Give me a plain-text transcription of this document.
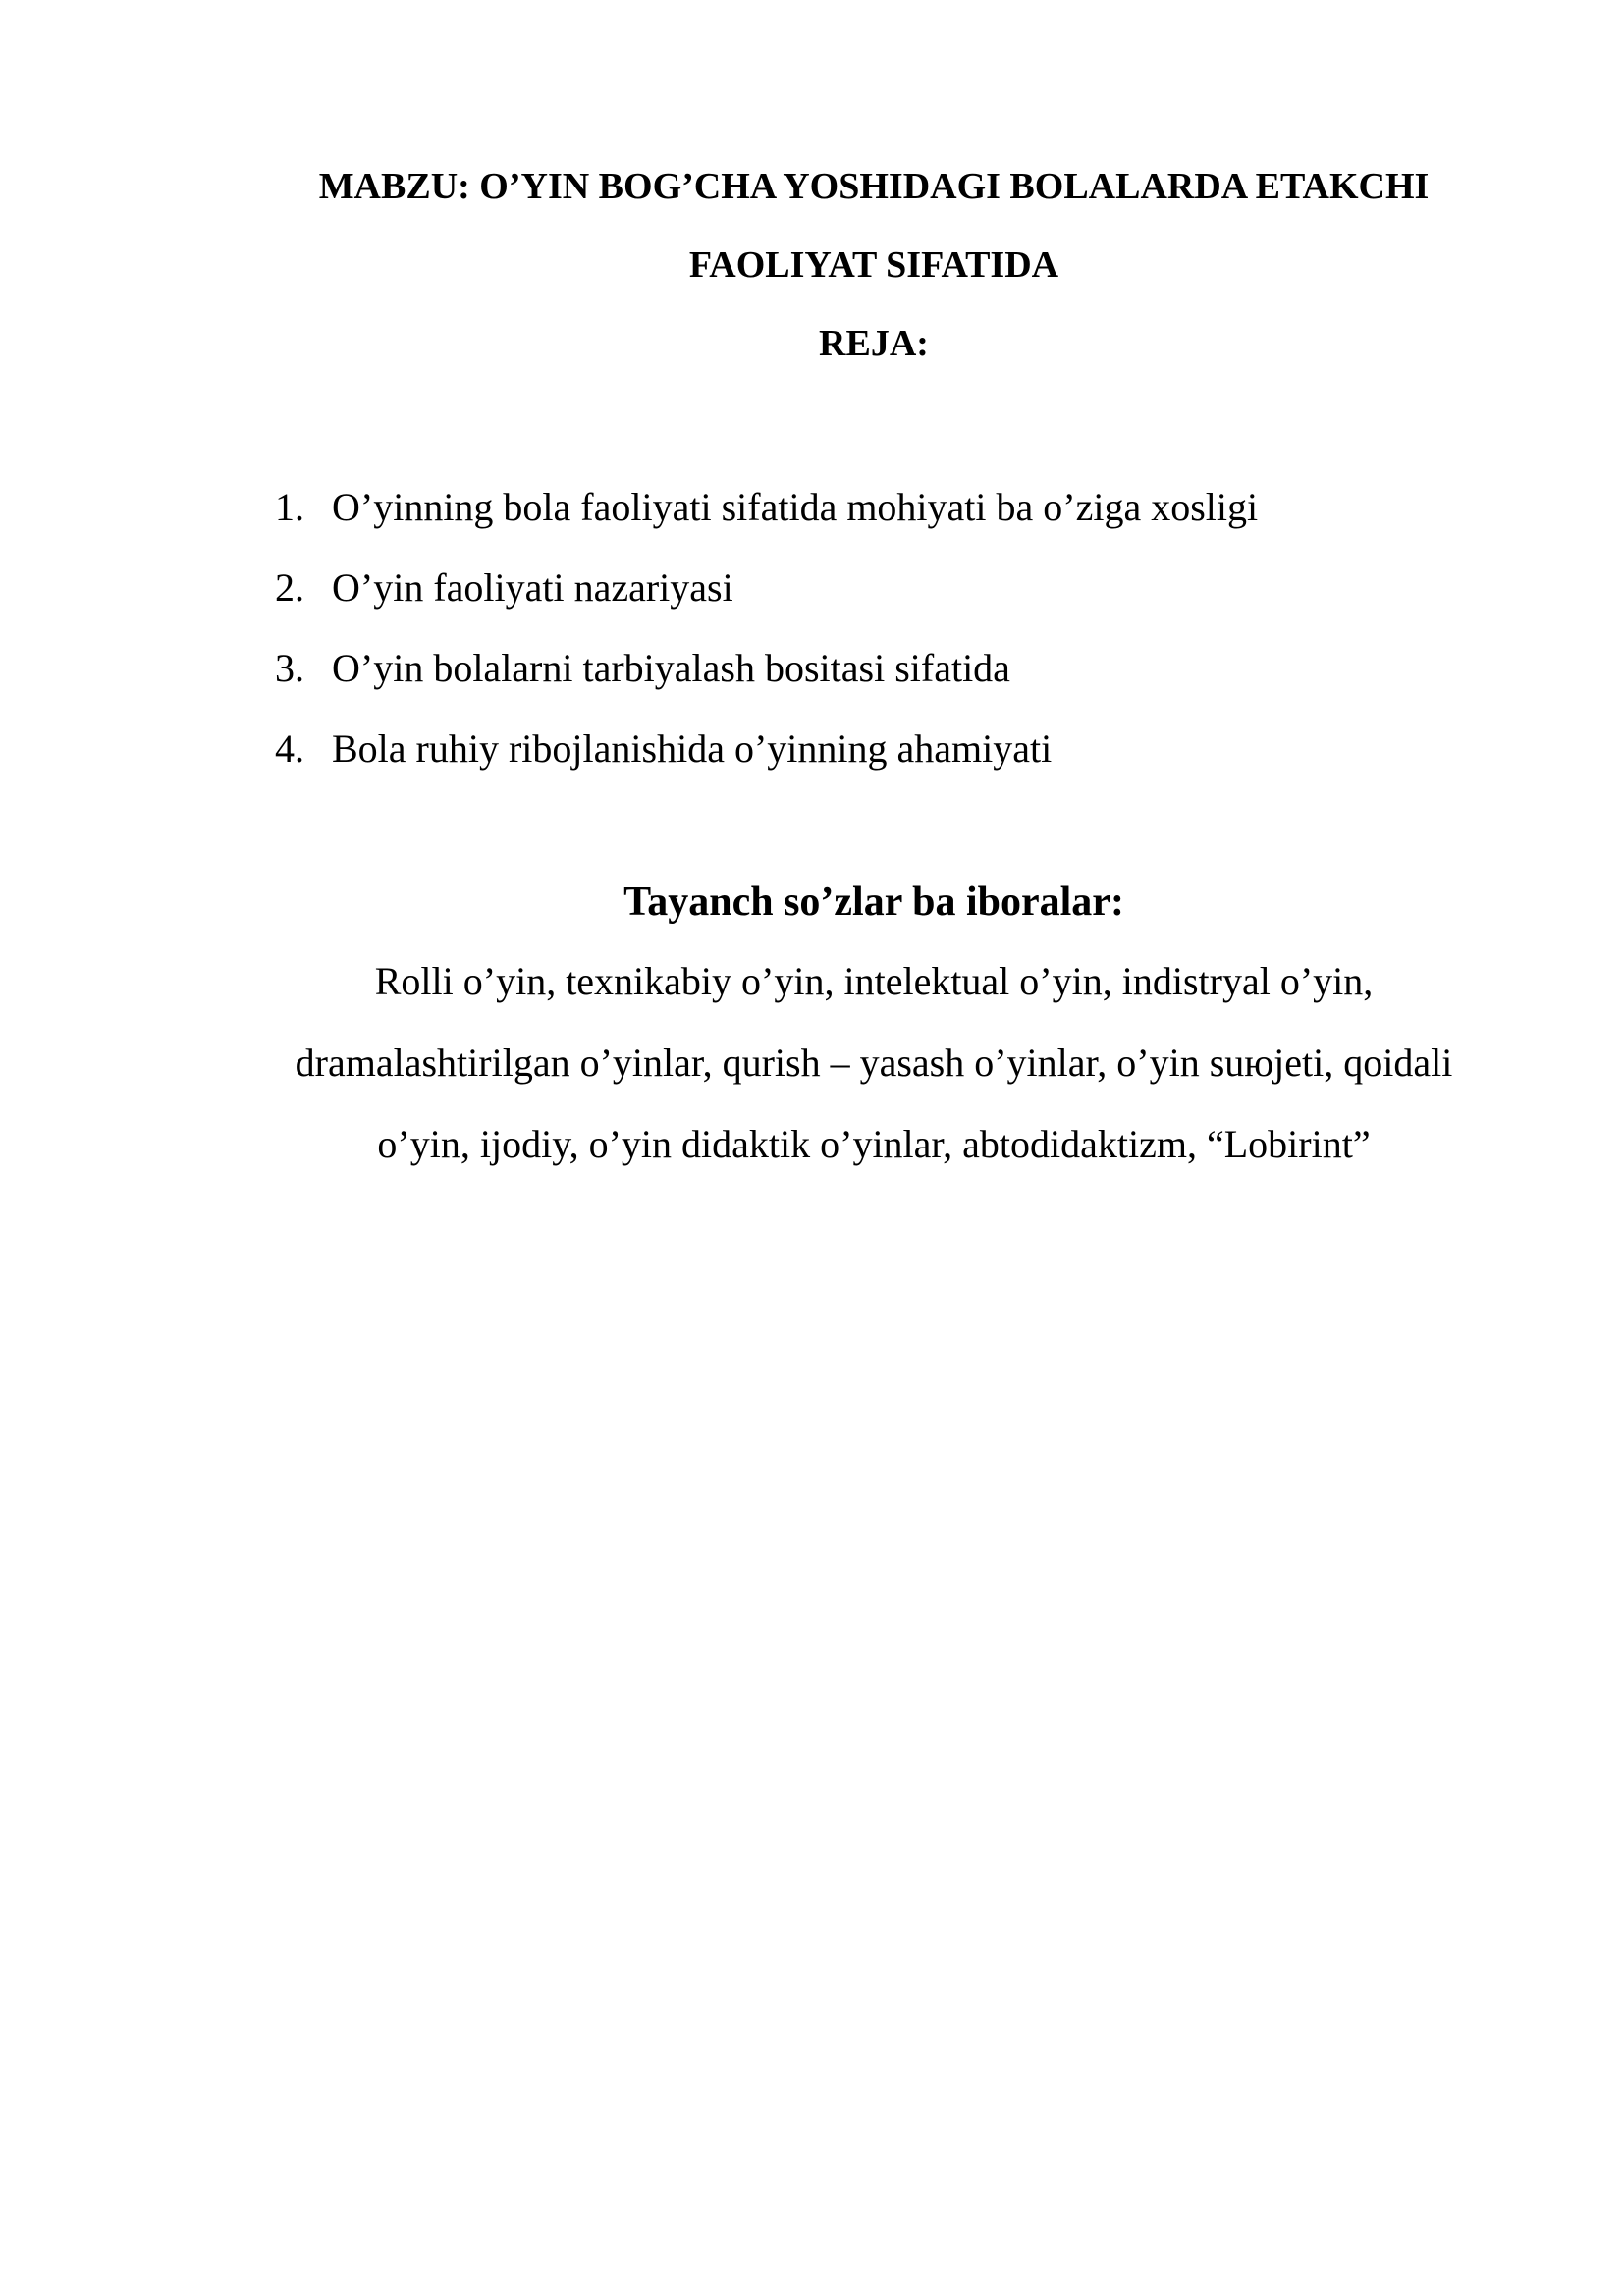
MABZU: O’YIN BOG’CHA YOSHIDAGI BOLALARDA ETAKCHI
FAOLIYAT SIFATIDA
REJA:
1. O’yinning bola faoliyati sifatida mohiyati ba o’ziga xosligi
2. O’yin faoliyati nazariyasi
3. O’yin bolalarni tarbiyalash bositasi sifatida
4. Bola ruhiy ribojlanishida o’yinning ahamiyati
Tayanch so’zlar ba iboralar:

Rolli o’yin, texnikabiy o’yin, intelektual o’yin, indistryal o’yin,
dramalashtirilgan o’yinlar, qurish – yasash o’yinlar, o’yin suюjeti, qoidali
o’yin, ijodiy, o’yin didaktik o’yinlar, abtodidaktizm, “Lobirint”
